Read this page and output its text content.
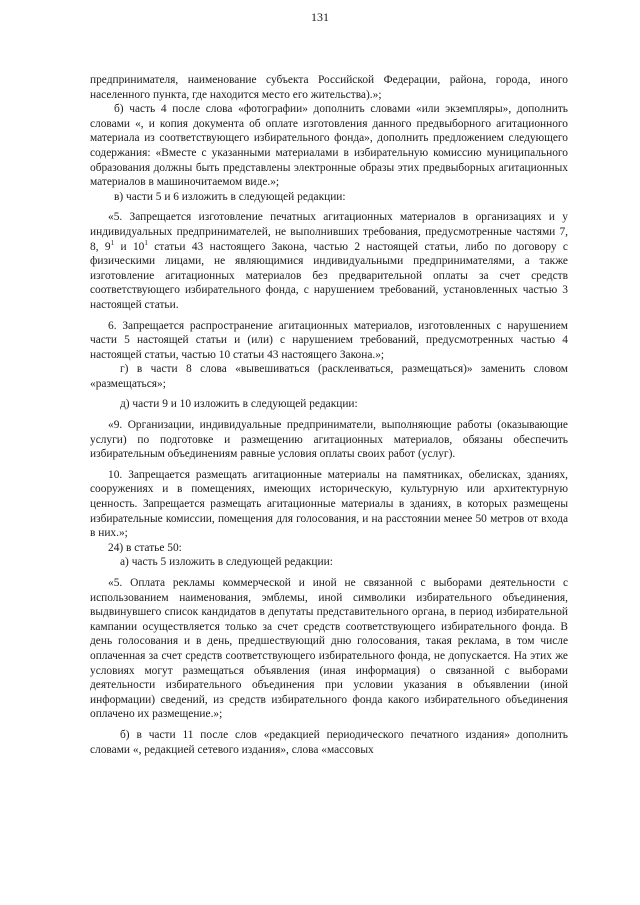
131

предпринимателя, наименование субъекта Российской Федерации, района, города, иного населенного пункта, где находится место его жительства).»;

б) часть 4 после слова «фотографии» дополнить словами «или экземпляры», дополнить словами «, и копия документа об оплате изготовления данного предвыборного агитационного материала из соответствующего избирательного фонда», дополнить предложением следующего содержания: «Вместе с указанными материалами в избирательную комиссию муниципального образования должны быть представлены электронные образы этих предвыборных агитационных материалов в машиночитаемом виде.»;

в) части 5 и 6 изложить в следующей редакции:

«5. Запрещается изготовление печатных агитационных материалов в организациях и у индивидуальных предпринимателей, не выполнивших требования, предусмотренные частями 7, 8, $9^1$ и $10^1$ статьи 43 настоящего Закона, частью 2 настоящей статьи, либо по договору с физическими лицами, не являющимися индивидуальными предпринимателями, а также изготовление агитационных материалов без предварительной оплаты за счет средств соответствующего избирательного фонда, с нарушением требований, установленных частью 3 настоящей статьи.

6. Запрещается распространение агитационных материалов, изготовленных с нарушением части 5 настоящей статьи и (или) с нарушением требований, предусмотренных частью 4 настоящей статьи, частью 10 статьи 43 настоящего Закона.»;

г) в части 8 слова «вывешиваться (расклеиваться, размещаться)» заменить словом «размещаться»;

д) части 9 и 10 изложить в следующей редакции:

«9. Организации, индивидуальные предприниматели, выполняющие работы (оказывающие услуги) по подготовке и размещению агитационных материалов, обязаны обеспечить избирательным объединениям равные условия оплаты своих работ (услуг).

10. Запрещается размещать агитационные материалы на памятниках, обелисках, зданиях, сооружениях и в помещениях, имеющих историческую, культурную или архитектурную ценность. Запрещается размещать агитационные материалы в зданиях, в которых размещены избирательные комиссии, помещения для голосования, и на расстоянии менее 50 метров от входа в них.»;

24) в статье 50:

а) часть 5 изложить в следующей редакции:

«5. Оплата рекламы коммерческой и иной не связанной с выборами деятельности с использованием наименования, эмблемы, иной символики избирательного объединения, выдвинувшего список кандидатов в депутаты представительного органа, в период избирательной кампании осуществляется только за счет средств соответствующего избирательного фонда. В день голосования и в день, предшествующий дню голосования, такая реклама, в том числе оплаченная за счет средств соответствующего избирательного фонда, не допускается. На этих же условиях могут размещаться объявления (иная информация) о связанной с выборами деятельности избирательного объединения при условии указания в объявлении (иной информации) сведений, из средств избирательного фонда какого избирательного объединения оплачено их размещение.»;

б) в части 11 после слов «редакцией периодического печатного издания» дополнить словами «, редакцией сетевого издания», слова «массовых
